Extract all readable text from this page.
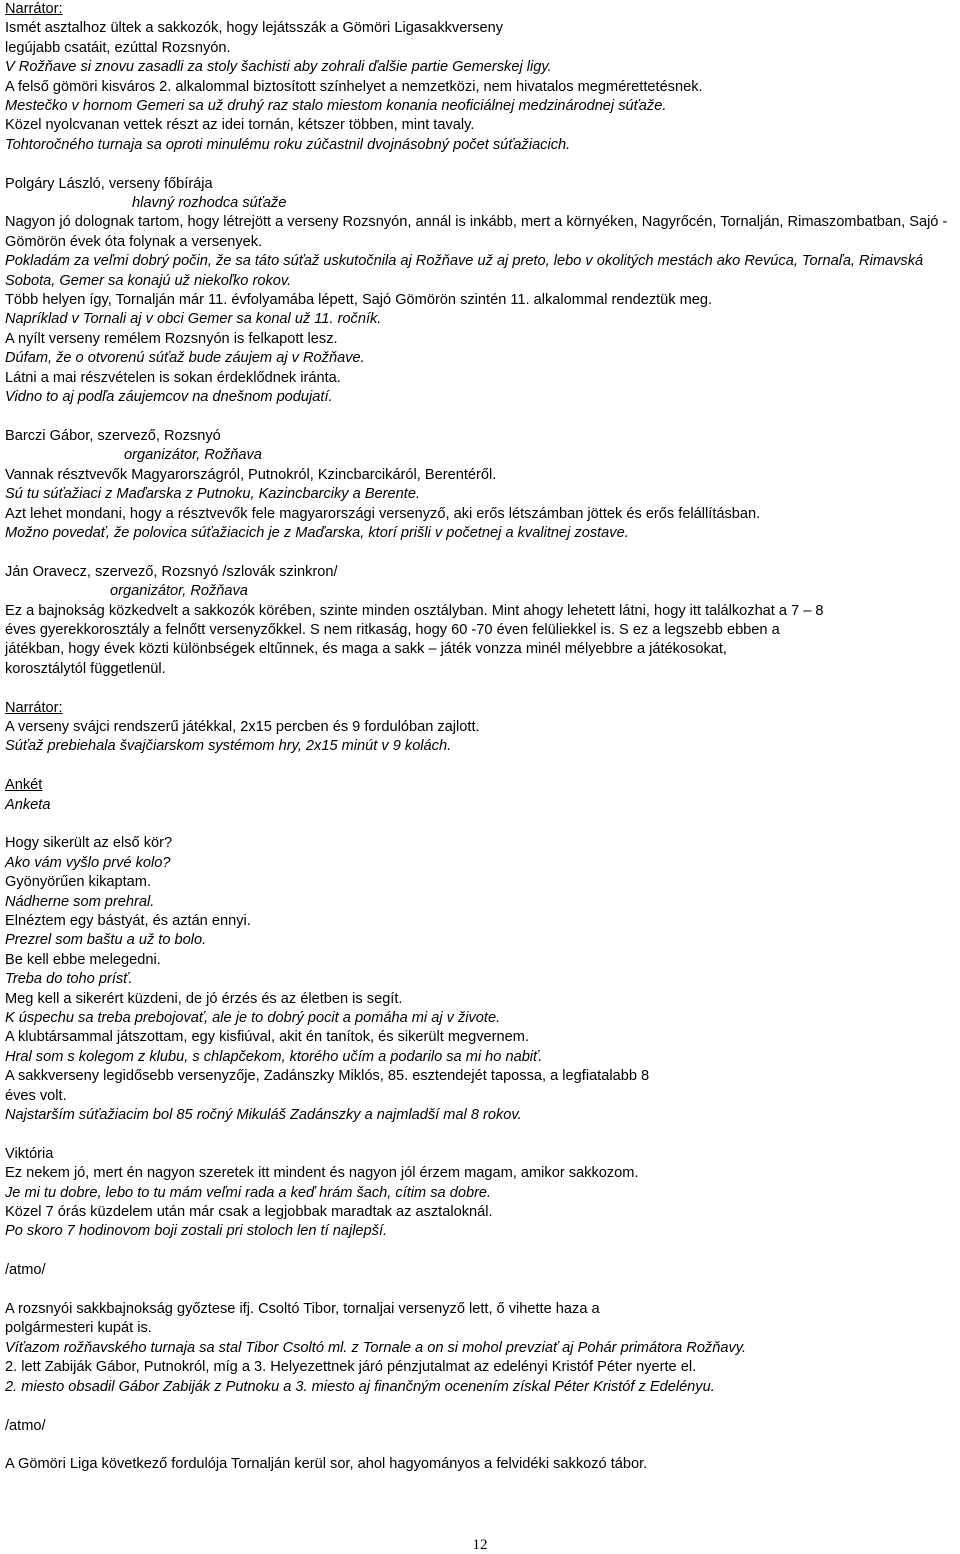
Narrátor:
Ismét asztalhoz ültek a sakkozók, hogy lejátsszák a Gömöri Ligasakkverseny
legújabb csatáit, ezúttal Rozsnyón.
V Rožňave si znovu zasadli za stoly šachisti aby zohrali ďalšie partie Gemerskej ligy.
A felső gömöri kisváros 2. alkalommal biztosított színhelyet a nemzetközi, nem hivatalos megmérettetésnek.
Mestečko v hornom Gemeri sa už druhý raz stalo miestom konania neoficiálnej medzinárodnej súťaže.
Közel nyolcvanan vettek részt az idei tornán, kétszer többen, mint tavaly.
Tohtoročného turnaja sa oproti minulému roku zúčastnil dvojnásobný počet súťažiacich.
Polgáry László, verseny főbírája
hlavný rozhodca súťaže
Nagyon jó dolognak tartom, hogy létrejött a verseny Rozsnyón, annál is inkább, mert a környéken, Nagyrőcén, Tornalján, Rimaszombatban, Sajó - Gömörön évek óta folynak a versenyek.
Pokladám za veľmi dobrý počin, že sa táto súťaž uskutočnila aj Rožňave už aj preto, lebo v okolitých mestách ako Revúca, Tornaľa, Rimavská Sobota, Gemer sa konajú už niekoľko rokov.
Több helyen így, Tornalján már 11. évfolyamába lépett, Sajó Gömörön szintén 11. alkalommal rendeztük meg.
Napríklad v Tornali aj v obci Gemer sa konal už 11. ročník.
A nyílt verseny remélem Rozsnyón is felkapott lesz.
Dúfam, že o otvorenú súťaž bude záujem aj v Rožňave.
Látni a mai részvételen is sokan érdeklődnek iránta.
Vidno to aj podľa záujemcov na dnešnom podujatí.
Barczi Gábor, szervező, Rozsnyó
organizátor, Rožňava
Vannak résztvevők Magyarországról, Putnokról, Kzincbarcikáról, Berentéről.
Sú tu súťažiaci z Maďarska z Putnoku, Kazincbarciky a Berente.
Azt lehet mondani, hogy a résztvevők fele magyarországi versenyző, aki erős létszámban jöttek és erős felállításban.
Možno povedať, že polovica súťažiacich je z Maďarska, ktorí prišli v početnej a kvalitnej zostave.
Ján Oravecz, szervező, Rozsnyó /szlovák szinkron/
organizátor, Rožňava
Ez a bajnokság közkedvelt a sakkozók körében, szinte minden osztályban. Mint ahogy lehetett látni, hogy itt találkozhat a 7 – 8
éves gyerekkorosztály a felnőtt versenyzőkkel. S nem ritkaság, hogy 60 -70 éven felüliekkel is. S ez a legszebb ebben a
játékban, hogy évek közti különbségek eltűnnek, és maga a sakk – játék vonzza minél mélyebbre a játékosokat,
korosztálytól függetlenül.
Narrátor:
A verseny svájci rendszerű játékkal, 2x15 percben és 9 fordulóban zajlott.
Súťaž prebiehala švajčiarskom systémom hry, 2x15 minút v 9 kolách.
Ankét
Anketa
Hogy sikerült az első kör?
Ako vám vyšlo prvé kolo?
Gyönyörűen kikaptam.
Nádherne som prehral.
Elnéztem egy bástyát, és aztán ennyi.
Prezrel som baštu a už to bolo.
Be kell ebbe melegedni.
Treba do toho prísť.
Meg kell a sikerért küzdeni, de jó érzés és az életben is segít.
K úspechu sa treba prebojovať, ale je to dobrý pocit a pomáha mi aj v živote.
A klubtársammal játszottam, egy kisfiúval, akit én tanítok, és sikerült megvernem.
Hral som s kolegom z klubu, s chlapčekom, ktorého učím a podarilo sa mi ho nabiť.
A sakkverseny legidősebb versenyzője, Zadánszky Miklós, 85. esztendejét tapossa, a legfiatalabb 8 éves volt.
Najstarším súťažiacim bol 85 ročný Mikuláš Zadánszky a najmladší mal 8 rokov.
Viktória
Ez nekem jó, mert én nagyon szeretek itt mindent és nagyon jól érzem magam, amikor sakkozom.
Je mi tu dobre, lebo to tu mám veľmi rada a keď hrám šach, cítim sa dobre.
Közel 7 órás küzdelem után már csak a legjobbak maradtak az asztaloknál.
Po skoro 7 hodinovom boji zostali pri stoloch len tí najlepší.
/atmo/
A rozsnyói sakkbajnokság győztese ifj. Csoltó Tibor, tornaljai versenyző lett, ő vihette haza a polgármesteri kupát is.
Víťazom rožňavského turnaja sa stal Tibor Csoltó ml. z Tornale a on si mohol prevziať aj Pohár primátora Rožňavy.
2. lett Zabiják Gábor, Putnokról, míg a 3. Helyezettnek járó pénzjutalmat az edelényi Kristóf Péter nyerte el.
2. miesto obsadil Gábor Zabiják z Putnoku a 3. miesto aj finančným ocenením získal Péter Kristóf z Edelényu.
/atmo/
A Gömöri Liga következő fordulója Tornalján kerül sor, ahol hagyományos a felvidéki sakkozó tábor.
12
